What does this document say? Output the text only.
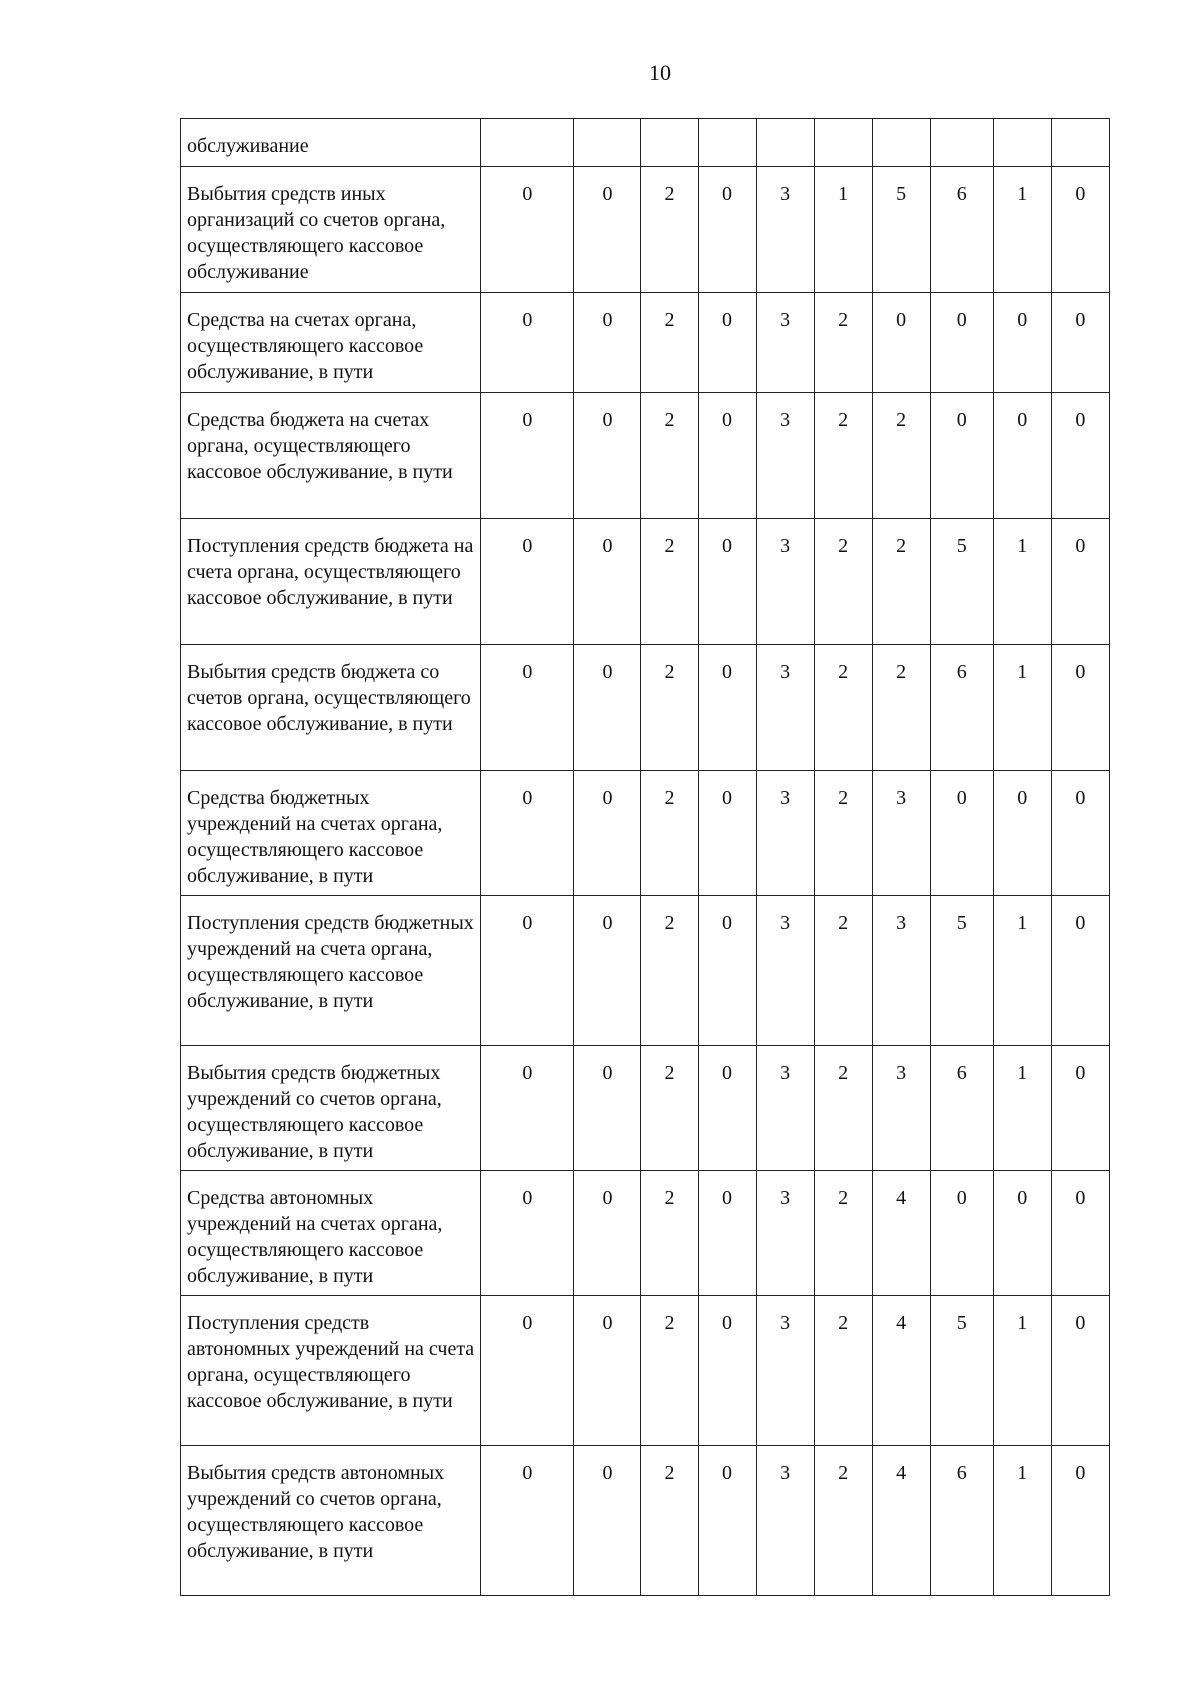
10
обслуживание										
Выбытия средств иных организаций со счетов органа, осуществляющего кассовое обслуживание	0	0	2	0	3	1	5	6	1	0
Средства на счетах органа, осуществляющего кассовое обслуживание, в пути	0	0	2	0	3	2	0	0	0	0
Средства бюджета на счетах органа, осуществляющего кассовое обслуживание, в пути	0	0	2	0	3	2	2	0	0	0
Поступления средств бюджета на счета органа, осуществляющего кассовое обслуживание, в пути	0	0	2	0	3	2	2	5	1	0
Выбытия средств бюджета со счетов органа, осуществляющего кассовое обслуживание, в пути	0	0	2	0	3	2	2	6	1	0
Средства бюджетных учреждений на счетах органа, осуществляющего кассовое обслуживание, в пути	0	0	2	0	3	2	3	0	0	0
Поступления средств бюджетных учреждений на счета органа, осуществляющего кассовое обслуживание, в пути	0	0	2	0	3	2	3	5	1	0
Выбытия средств бюджетных учреждений со счетов органа, осуществляющего кассовое обслуживание, в пути	0	0	2	0	3	2	3	6	1	0
Средства автономных учреждений на счетах органа, осуществляющего кассовое обслуживание, в пути	0	0	2	0	3	2	4	0	0	0
Поступления средств автономных учреждений на счета органа, осуществляющего кассовое обслуживание, в пути	0	0	2	0	3	2	4	5	1	0
Выбытия средств автономных учреждений со счетов органа, осуществляющего кассовое обслуживание, в пути	0	0	2	0	3	2	4	6	1	0
